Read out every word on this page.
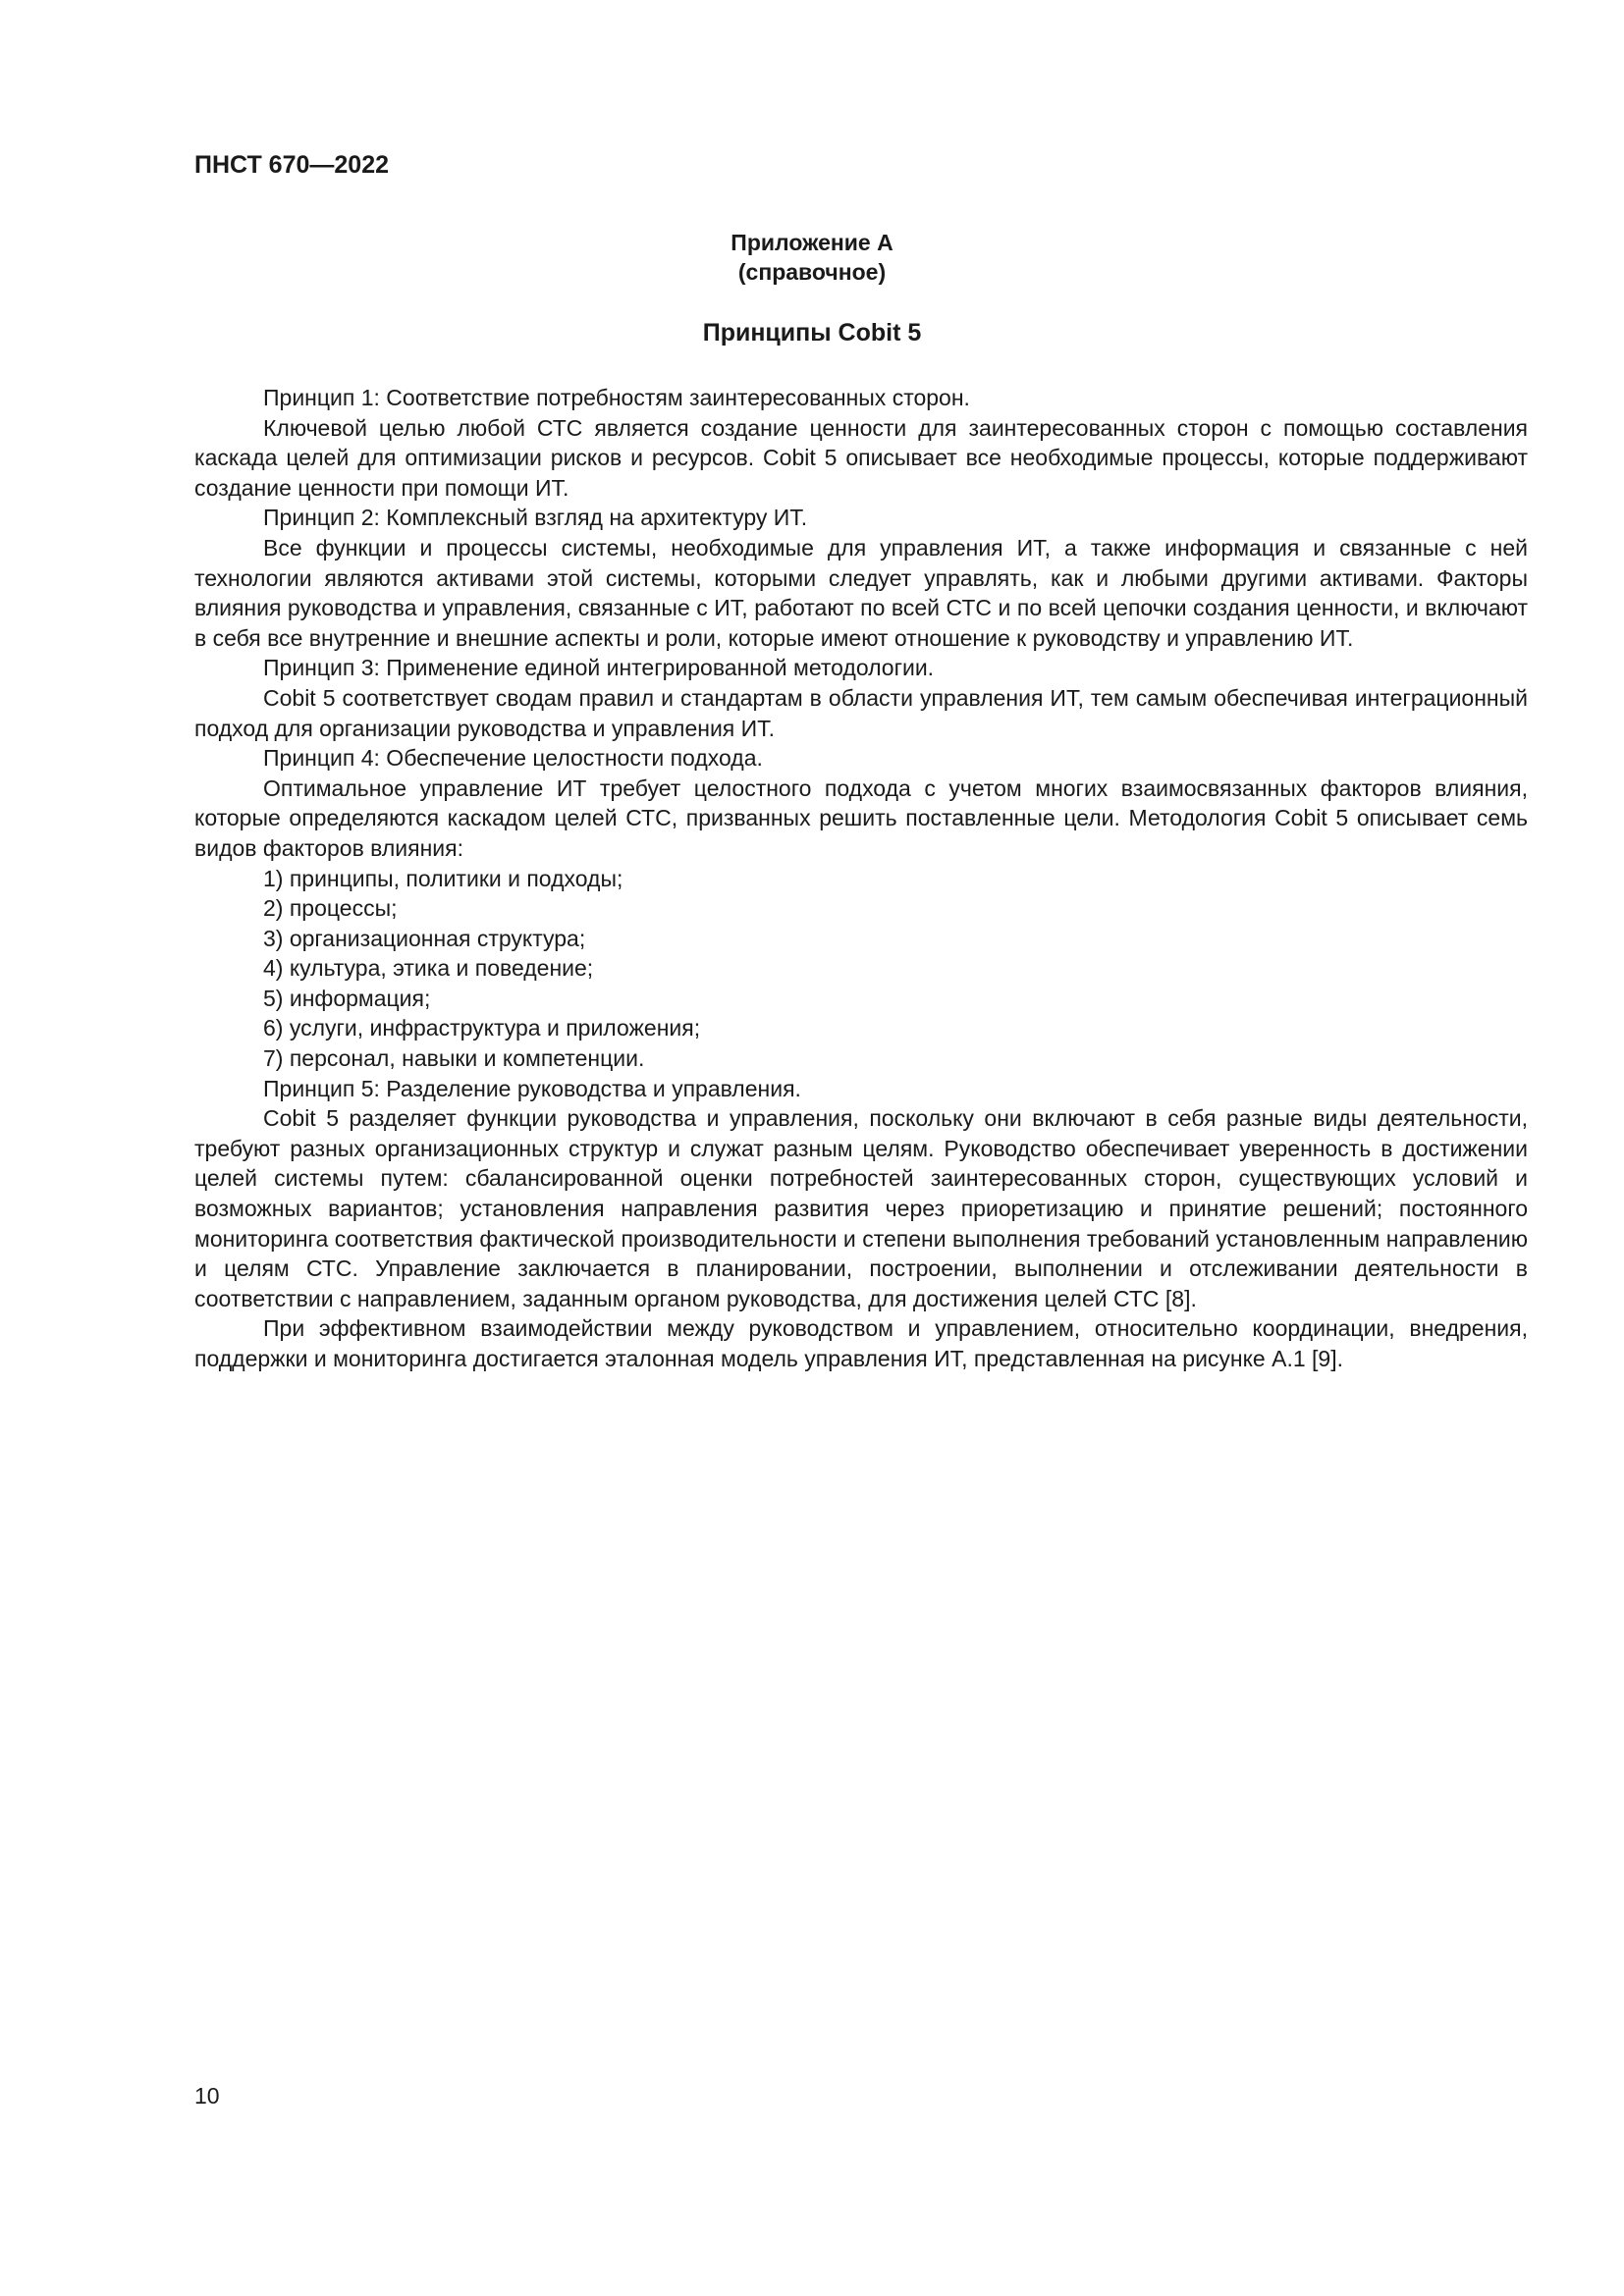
ПНСТ 670—2022
Приложение А
(справочное)
Принципы Cobit 5

Принцип 1: Соответствие потребностям заинтересованных сторон.

Ключевой целью любой СТС является создание ценности для заинтересованных сторон с помощью составления каскада целей для оптимизации рисков и ресурсов. Cobit 5 описывает все необходимые процессы, которые поддерживают создание ценности при помощи ИТ.

Принцип 2: Комплексный взгляд на архитектуру ИТ.

Все функции и процессы системы, необходимые для управления ИТ, а также информация и связанные с ней технологии являются активами этой системы, которыми следует управлять, как и любыми другими активами. Факторы влияния руководства и управления, связанные с ИТ, работают по всей СТС и по всей цепочки создания ценности, и включают в себя все внутренние и внешние аспекты и роли, которые имеют отношение к руководству и управлению ИТ.

Принцип 3: Применение единой интегрированной методологии.

Cobit 5 соответствует сводам правил и стандартам в области управления ИТ, тем самым обеспечивая интеграционный подход для организации руководства и управления ИТ.

Принцип 4: Обеспечение целостности подхода.

Оптимальное управление ИТ требует целостного подхода с учетом многих взаимосвязанных факторов влияния, которые определяются каскадом целей СТС, призванных решить поставленные цели. Методология Cobit 5 описывает семь видов факторов влияния:

1) принципы, политики и подходы;

2) процессы;

3) организационная структура;

4) культура, этика и поведение;

5) информация;

6) услуги, инфраструктура и приложения;

7) персонал, навыки и компетенции.

Принцип 5: Разделение руководства и управления.

Cobit 5 разделяет функции руководства и управления, поскольку они включают в себя разные виды деятельности, требуют разных организационных структур и служат разным целям. Руководство обеспечивает уверенность в достижении целей системы путем: сбалансированной оценки потребностей заинтересованных сторон, существующих условий и возможных вариантов; установления направления развития через приоретизацию и принятие решений; постоянного мониторинга соответствия фактической производительности и степени выполнения требований установленным направлению и целям СТС. Управление заключается в планировании, построении, выполнении и отслеживании деятельности в соответствии с направлением, заданным органом руководства, для достижения целей СТС [8].

При эффективном взаимодействии между руководством и управлением, относительно координации, внедрения, поддержки и мониторинга достигается эталонная модель управления ИТ, представленная на рисунке А.1 [9].

10
